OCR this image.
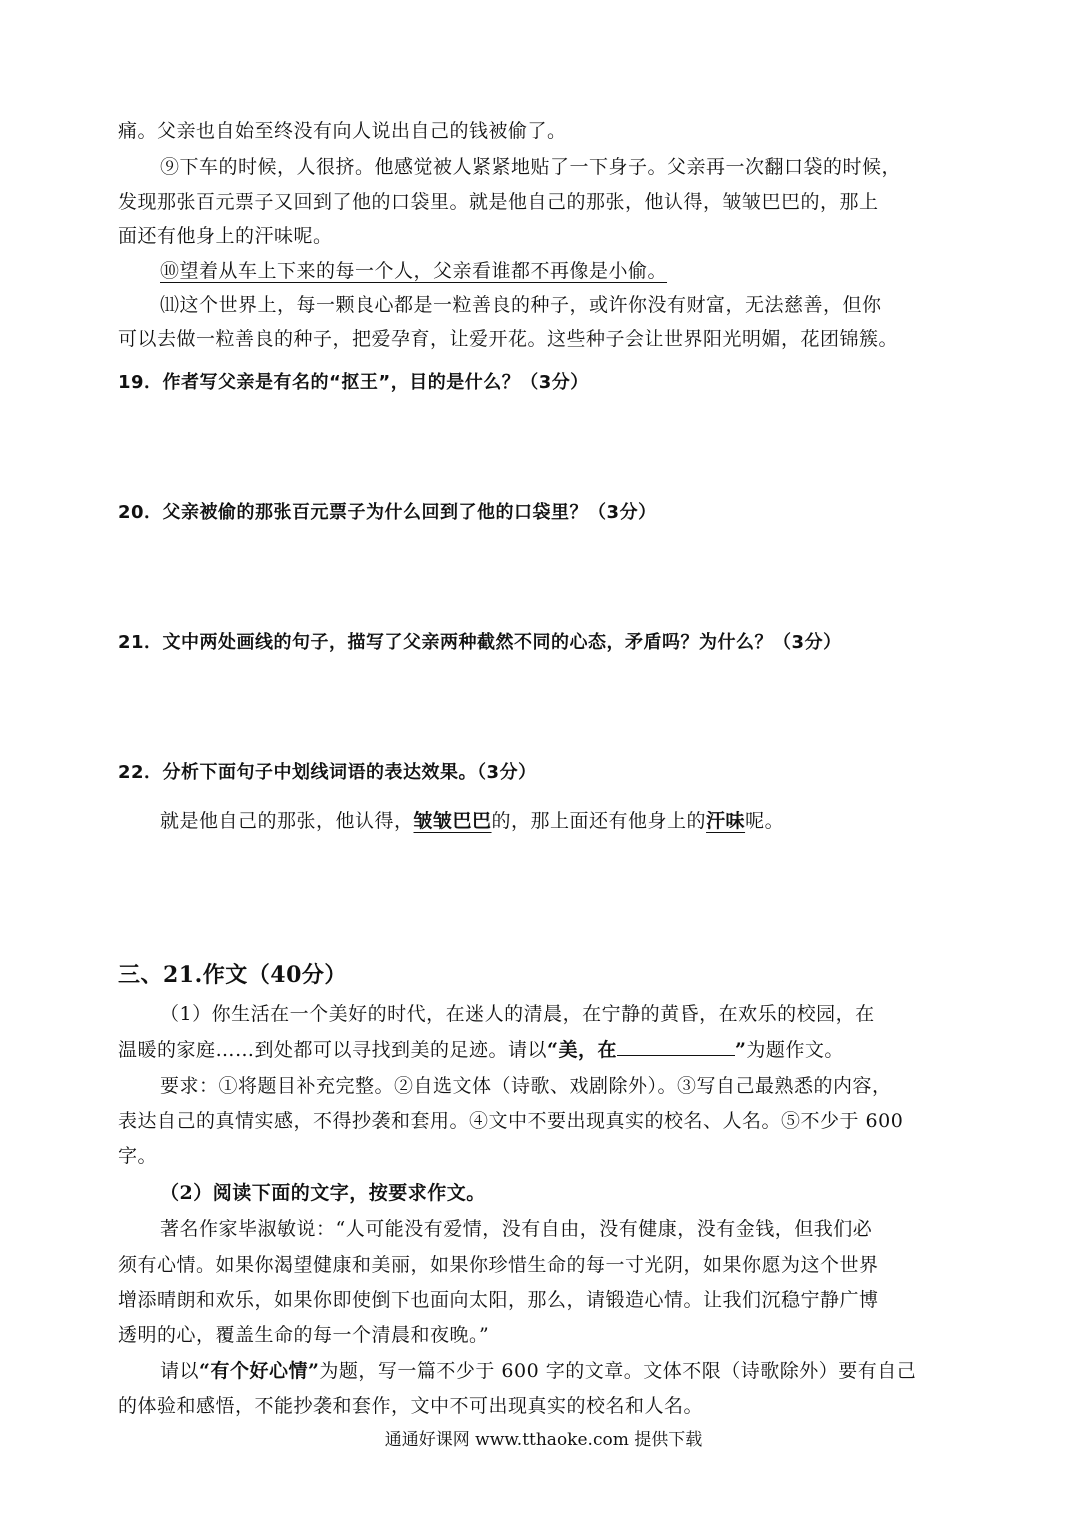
痛。父亲也自始至终没有向人说出自己的钱被偷了。
⑨下车的时候，人很挤。他感觉被人紧紧地贴了一下身子。父亲再一次翻口袋的时候，
发现那张百元票子又回到了他的口袋里。就是他自己的那张，他认得，皱皱巴巴的，那上
面还有他身上的汗味呢。
⑩望着从车上下来的每一个人，父亲看谁都不再像是小偷。
⑾这个世界上，每一颗良心都是一粒善良的种子，或许你没有财富，无法慈善，但你
可以去做一粒善良的种子，把爱孕育，让爱开花。这些种子会让世界阳光明媚，花团锦簇。
19．作者写父亲是有名的“抠王”，目的是什么？（3分）
20．父亲被偷的那张百元票子为什么回到了他的口袋里？（3分）
21．文中两处画线的句子，描写了父亲两种截然不同的心态，矛盾吗？为什么？（3分）
22．分析下面句子中划线词语的表达效果。（3分）
就是他自己的那张，他认得，皱皱巴巴的，那上面还有他身上的汗味呢。
三、21.作文（40分）
（1）你生活在一个美好的时代，在迷人的清晨，在宁静的黄昏，在欢乐的校园，在
温暖的家庭……到处都可以寻找到美的足迹。请以“美，在	”为题作文。
要求：①将题目补充完整。②自选文体（诗歌、戏剧除外）。③写自己最熟悉的内容，
表达自己的真情实感，不得抄袭和套用。④文中不要出现真实的校名、人名。⑤不少于 600
字。
（2）阅读下面的文字，按要求作文。
著名作家毕淑敏说：“人可能没有爱情，没有自由，没有健康，没有金钱，但我们必
须有心情。如果你渴望健康和美丽，如果你珍惜生命的每一寸光阴，如果你愿为这个世界
增添晴朗和欢乐，如果你即使倒下也面向太阳，那么，请锻造心情。让我们沉稳宁静广博
透明的心，覆盖生命的每一个清晨和夜晚。”
请以“有个好心情”为题，写一篇不少于 600 字的文章。文体不限（诗歌除外）要有自己
的体验和感悟，不能抄袭和套作，文中不可出现真实的校名和人名。
通通好课网 www.tthaoke.com 提供下载
